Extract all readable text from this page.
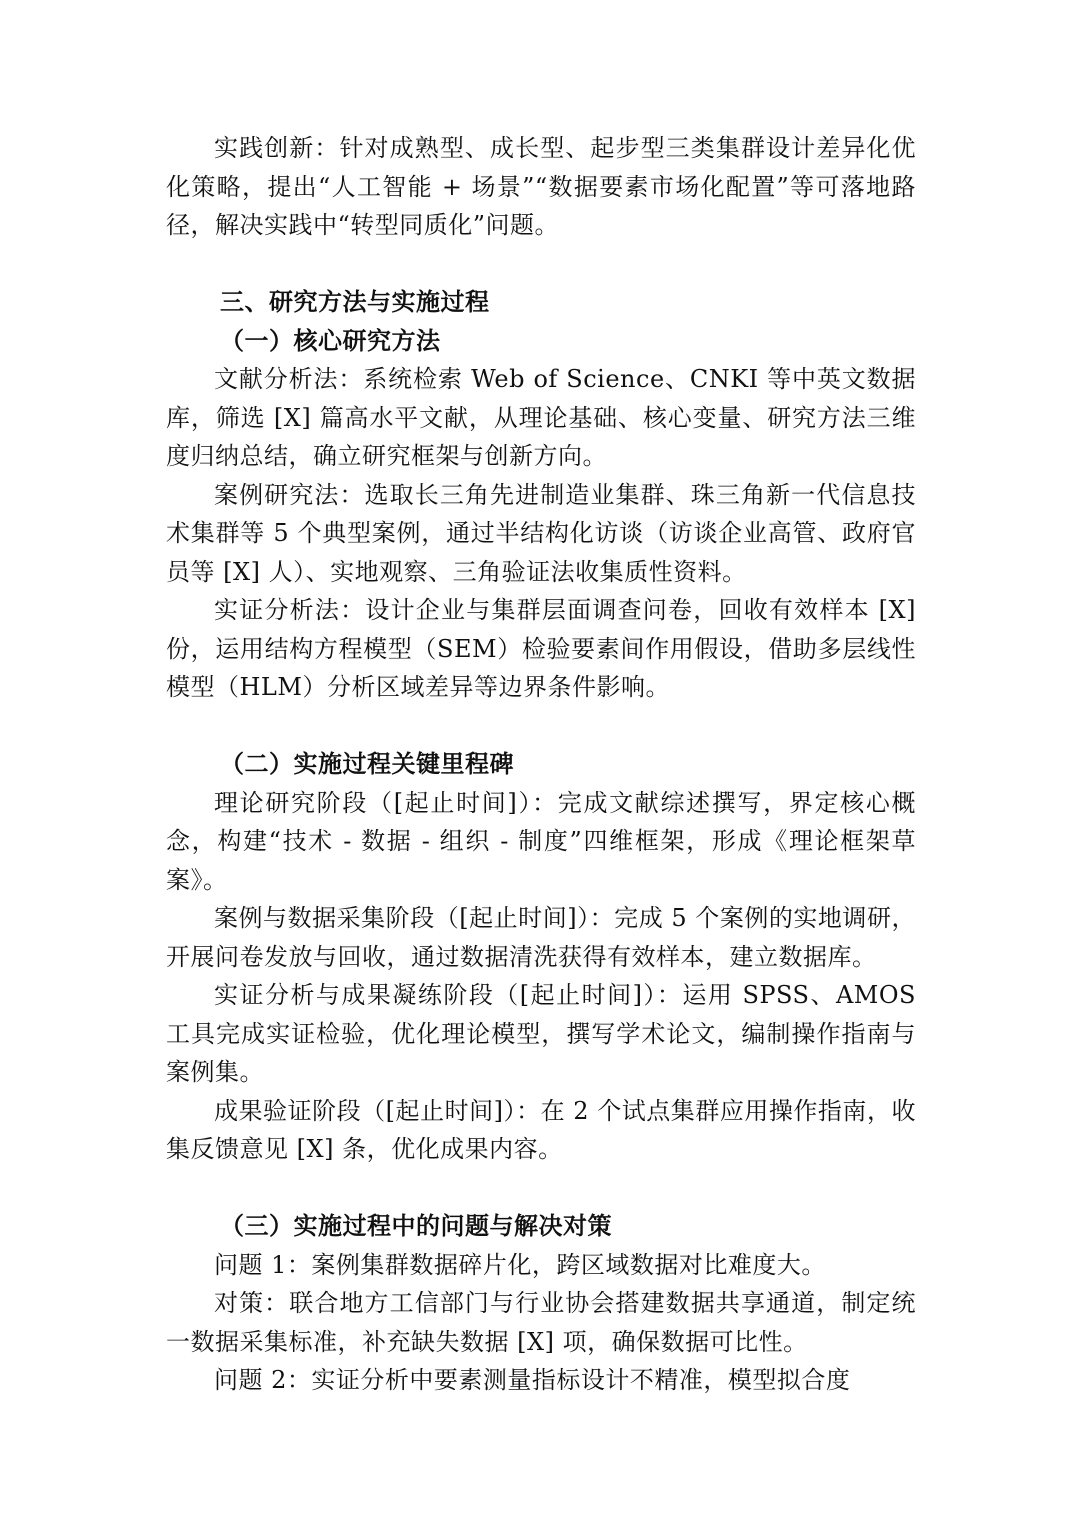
实践创新：针对成熟型、成长型、起步型三类集群设计差异化优化策略，提出“人工智能 + 场景”“数据要素市场化配置”等可落地路径，解决实践中“转型同质化”问题。

三、研究方法与实施过程

（一）核心研究方法

文献分析法：系统检索 Web of Science、CNKI 等中英文数据库，筛选 [X] 篇高水平文献，从理论基础、核心变量、研究方法三维度归纳总结，确立研究框架与创新方向。

案例研究法：选取长三角先进制造业集群、珠三角新一代信息技术集群等 5 个典型案例，通过半结构化访谈（访谈企业高管、政府官员等 [X] 人）、实地观察、三角验证法收集质性资料。

实证分析法：设计企业与集群层面调查问卷，回收有效样本 [X] 份，运用结构方程模型（SEM）检验要素间作用假设，借助多层线性模型（HLM）分析区域差异等边界条件影响。

（二）实施过程关键里程碑

理论研究阶段（[起止时间]）：完成文献综述撰写，界定核心概念，构建“技术 - 数据 - 组织 - 制度”四维框架，形成《理论框架草案》。

案例与数据采集阶段（[起止时间]）：完成 5 个案例的实地调研，开展问卷发放与回收，通过数据清洗获得有效样本，建立数据库。

实证分析与成果凝练阶段（[起止时间]）：运用 SPSS、AMOS 工具完成实证检验，优化理论模型，撰写学术论文，编制操作指南与案例集。

成果验证阶段（[起止时间]）：在 2 个试点集群应用操作指南，收集反馈意见 [X] 条，优化成果内容。

（三）实施过程中的问题与解决对策

问题 1：案例集群数据碎片化，跨区域数据对比难度大。

对策：联合地方工信部门与行业协会搭建数据共享通道，制定统一数据采集标准，补充缺失数据 [X] 项，确保数据可比性。

问题 2：实证分析中要素测量指标设计不精准，模型拟合度
